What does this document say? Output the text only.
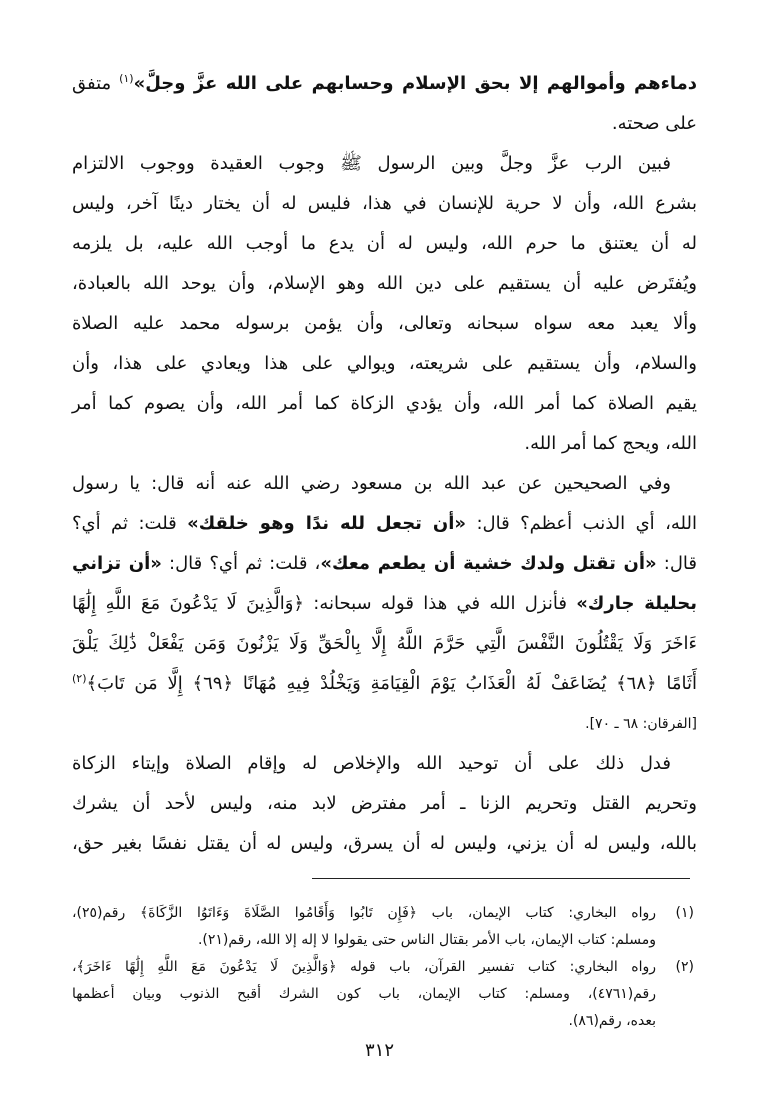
دماءهم وأموالهم إلا بحق الإسلام وحسابهم على الله عزَّ وجلَّ»$^{(١)}$ متفق
على صحته.
فبين الرب عزَّ وجلَّ وبين الرسول ﷺ وجوب العقيدة ووجوب الالتزام
بشرع الله، وأن لا حرية للإنسان في هذا، فليس له أن يختار دينًا آخر، وليس
له أن يعتنق ما حرم الله، وليس له أن يدع ما أوجب الله عليه، بل يلزمه
ويُفتَرض عليه أن يستقيم على دين الله وهو الإسلام، وأن يوحد الله بالعبادة،
وألا يعبد معه سواه سبحانه وتعالى، وأن يؤمن برسوله محمد عليه الصلاة
والسلام، وأن يستقيم على شريعته، ويوالي على هذا ويعادي على هذا، وأن
يقيم الصلاة كما أمر الله، وأن يؤدي الزكاة كما أمر الله، وأن يصوم كما أمر
الله، ويحج كما أمر الله.
وفي الصحيحين عن عبد الله بن مسعود رضي الله عنه أنه قال: يا رسول
الله، أي الذنب أعظم؟ قال: «أن تجعل لله ندًا وهو خلقك» قلت: ثم أي؟
قال: «أن تقتل ولدك خشية أن يطعم معك»، قلت: ثم أي؟ قال: «أن تزاني
بحليلة جارك» فأنزل الله في هذا قوله سبحانه: ﴿وَالَّذِينَ لَا يَدْعُونَ مَعَ اللَّهِ إِلَٰهًا
ءَاخَرَ وَلَا يَقْتُلُونَ النَّفْسَ الَّتِي حَرَّمَ اللَّهُ إِلَّا بِالْحَقِّ وَلَا يَزْنُونَ وَمَن يَفْعَلْ ذَٰلِكَ يَلْقَ
أَثَامًا ﴿٦٨﴾ يُضَاعَفْ لَهُ الْعَذَابُ يَوْمَ الْقِيَامَةِ وَيَخْلُدْ فِيهِ مُهَانًا ﴿٦٩﴾ إِلَّا مَن تَابَ﴾$^{(٢)}$
[الفرقان: ٦٨ ـ ٧٠].
فدل ذلك على أن توحيد الله والإخلاص له وإقام الصلاة وإيتاء الزكاة
وتحريم القتل وتحريم الزنا ـ أمر مفترض لابد منه، وليس لأحد أن يشرك
بالله، وليس له أن يزني، وليس له أن يسرق، وليس له أن يقتل نفسًا بغير حق،
(١)
رواه البخاري: كتاب الإيمان، باب ﴿فَإِن تَابُوا وَأَقَامُوا الصَّلَاةَ وَءَاتَوُا الزَّكَاةَ﴾ رقم(٢٥)،
ومسلم: كتاب الإيمان، باب الأمر بقتال الناس حتى يقولوا لا إله إلا الله، رقم(٢١).
(٢)
رواه البخاري: كتاب تفسير القرآن، باب قوله ﴿وَالَّذِينَ لَا يَدْعُونَ مَعَ اللَّهِ إِلَٰهًا ءَاخَرَ﴾،
رقم(٤٧٦١)، ومسلم: كتاب الإيمان، باب كون الشرك أقبح الذنوب وبيان أعظمها
بعده، رقم(٨٦).
٣١٢
